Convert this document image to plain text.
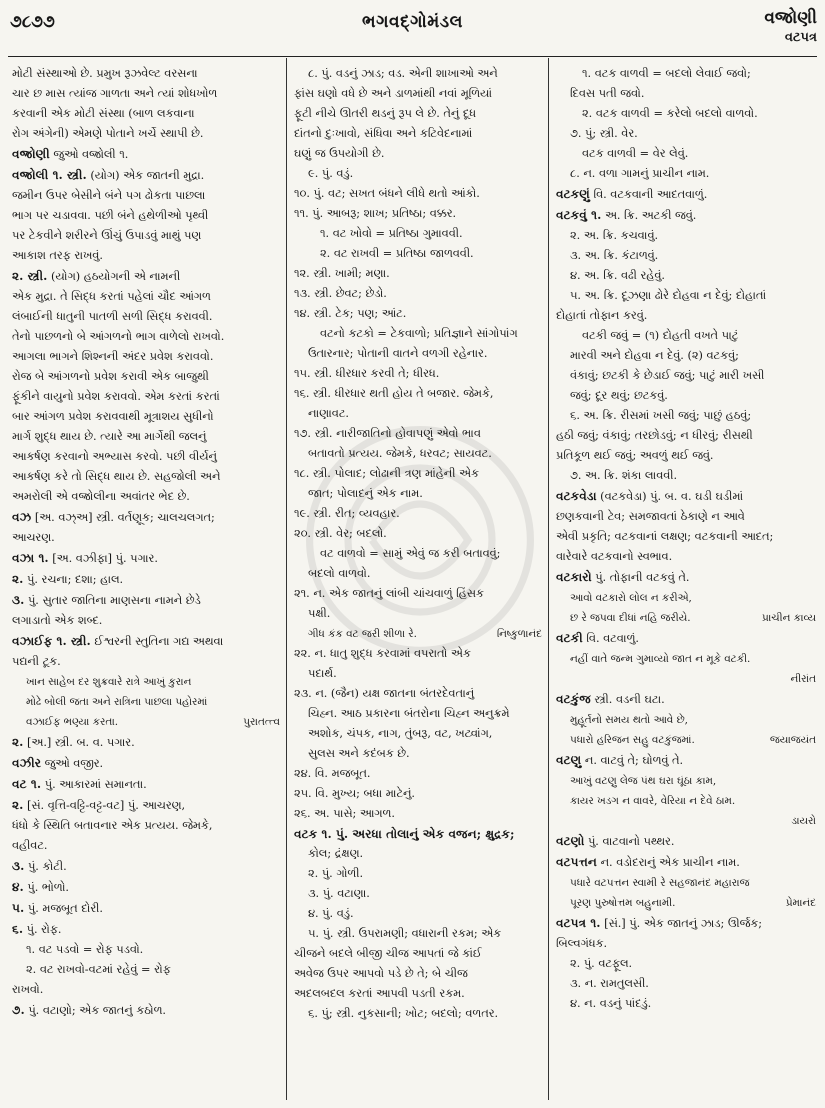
૭૮૭૭	ભગવદ્ગોમંડલ	વજ્રોણી
વટપત્ર

મોટી સંસ્થાઓ છે. પ્રમુખ રૂઝવેલ્ટ વરસના

ચાર છ માસ ત્યાંજ ગાળતા અને ત્યાં શોધખોળ

કરવાની એક મોટી સંસ્થા (બાળ લકવાના

રોગ અંગેની) એમણે પોતાને ખર્ચે સ્થાપી છે.

વજ્રોણી જુઓ વજ્રોલી ૧.

વજ્રોલી ૧. સ્ત્રી. (યોગ) એક જાતની મુદ્રા.

જમીન ઉપર બેસીને બંને પગ ઢોકતા પાછલા

ભાગ પર ચડાવવા. પછી બંને હથેળીઓ પૃથ્વી

પર ટેકવીને શરીરને ઊંચું ઉપાડવું માથું પણ

આકાશ તરફ રાખવું.

૨. સ્ત્રી. (યોગ) હઠયોગની એ નામની

એક મુદ્રા. તે સિદ્ધ કરતાં પહેલાં ચૌદ આંગળ

લંબાઈની ધાતુની પાતળી સળી સિદ્ધ કરાવવી.

તેનો પાછળનો બે આંગળનો ભાગ વાળેલો રાખવો.

આગલા ભાગને શિશ્નની અંદર પ્રવેશ કરાવવો.

રોજ બે આંગળનો પ્રવેશ કરાવી એક બાજુથી

ફૂંકીને વાયુનો પ્રવેશ કરાવવો. એમ કરતાં કરતાં

બાર આંગળ પ્રવેશ કરાવવાથી મૂત્રાશય સુધીનો

માર્ગ શુદ્ધ થાય છે. ત્યારે આ માર્ગેથી જલનું

આકર્ષણ કરવાનો અભ્યાસ કરવો. પછી વીર્યનું

આકર્ષણ કરે તો સિદ્ધ થાય છે. સહજોલી અને

અમરોલી એ વજ્રોલીના અવાંતર ભેદ છે.

વઝ [અ. વઝ્અ] સ્ત્રી. વર્તણૂક; ચાલચલગત;

આચરણ.

વઝા ૧. [અ. વઝીફા] પું. પગાર.

૨. પું. રચના; દશા; હાલ.

૩. પું. સુતાર જાતિના માણસના નામને છેડે

લગાડાતો એક શબ્દ.

વઝાઈફ ૧. સ્ત્રી. ઈશ્વરની સ્તુતિના ગદ્ય અથવા

પદ્યની ટૂક.

ખાન સાહેબ દર શુક્રવારે રાત્રે આખું કુરાન

મોઢે બોલી જતા અને રાત્રિના પાછલા પહોરમાં

વઝાઈફ ભણ્યા કરતા.	પુરાતત્ત્વ

૨. [અ.] સ્ત્રી. બ. વ. પગાર.

વઝીર જુઓ વજીર.

વટ ૧. પું. આકારમાં સમાનતા.

૨. [સં. વૃત્તિ-વટ્ટિ-વટ્ટ-વટ] પું. આચરણ,

ધંધો કે સ્થિતિ બતાવનાર એક પ્રત્યય. જેમકે,

વહીવટ.

૩. પું. કોટી.

૪. પું. ભોળો.

૫. પું. મજબૂત દોરી.

૬. પું. રોફ.

૧. વટ પડવો = રોફ પડવો.

૨. વટ રાખવો-વટમાં રહેવું = રોફ

રાખવો.

૭. પું. વટાણો; એક જાતનું કઠોળ.

૮. પું. વડનું ઝાડ; વડ. એની શાખાઓ અને

ફાંસ ઘણો વધે છે અને ડાળમાંથી નવાં મૂળિયાં

ફૂટી નીચે ઊતરી થડનું રૂપ લે છે. તેનું દૂધ

દાંતનો દુઃખાવો, સંધિવા અને કટિવેદનામાં

ઘણું જ ઉપયોગી છે.

૯. પું. વડું.

૧૦. પું. વટ; સખત બંધને લીધે થતો આંકો.

૧૧. પું. આબરૂ; શાખ; પ્રતિષ્ઠા; વક્કર.

૧. વટ ખોવો = પ્રતિષ્ઠા ગુમાવવી.

૨. વટ રાખવી = પ્રતિષ્ઠા જાળવવી.

૧૨. સ્ત્રી. ખામી; મણા.

૧૩. સ્ત્રી. છેવટ; છેડો.

૧૪. સ્ત્રી. ટેક; પણ; આંટ.

વટનો કટકો = ટેકવાળો; પ્રતિજ્ઞાને સાંગોપાંગ

ઉતારનાર; પોતાની વાતને વળગી રહેનાર.

૧૫. સ્ત્રી. ધીરધાર કરવી તે; ધીરધ.

૧૬. સ્ત્રી. ધીરધાર થતી હોય તે બજાર. જેમકે,

નાણાવટ.

૧૭. સ્ત્રી. નારીજાતિનો હોવાપણું એવો ભાવ

બતાવતો પ્રત્યય. જેમકે, ધરવટ; સાયવટ.

૧૮. સ્ત્રી. પોલાદ; લોઢાની ત્રણ માંહેની એક

જાત; પોલાદનું એક નામ.

૧૯. સ્ત્રી. રીત; વ્યવહાર.

૨૦. સ્ત્રી. વેર; બદલો.

વટ વાળવો = સામું એવું જ કરી બતાવવું;

બદલો વાળવો.

૨૧. ન. એક જાતનું લાંબી ચાંચવાળું હિંસક

પક્ષી.

ગીધ કંક વટ જરી શીળા રે.	નિષ્કુળાનંદ

૨૨. ન. ધાતુ શુદ્ધ કરવામાં વપરાતો એક

પદાર્થ.

૨૩. ન. (જૈન) યક્ષ જાતના બંતરદેવતાનું

ચિહ્ન. આઠ પ્રકારના બંતરોના ચિહ્ન અનુક્રમે

અશોક, ચંપક, નાગ, તુંબરૂ, વટ, ખટ્વાંગ,

સુલસ અને કદંબક છે.

૨૪. વિ. મજબૂત.

૨૫. વિ. મુખ્ય; બધા માટેનું.

૨૬. અ. પાસે; આગળ.

વટક ૧. પું. અરધા તોલાનું એક વજન; ક્ષુદ્રક;

કોલ; દ્રંક્ષણ.

૨. પું. ગોળી.

૩. પું. વટાણા.

૪. પું. વડું.

૫. પું. સ્ત્રી. ઉપરામણી; વધારાની રકમ; એક

ચીજને બદલે બીજી ચીજ આપતાં જે કાંઈ

અવેજ ઉપર આપવો પડે છે તે; બે ચીજ

અદલબદલ કરતાં આપવી પડતી રકમ.

૬. પું; સ્ત્રી. નુકસાની; ખોટ; બદલો; વળતર.

૧. વટક વાળવી = બદલો લેવાઈ જવો;

દિવસ પતી જવો.

૨. વટક વાળવી = કરેલો બદલો વાળવો.

૭. પું; સ્ત્રી. વેર.

વટક વાળવી = વેર લેવું.

૮. ન. વળા ગામનું પ્રાચીન નામ.

વટકણું વિ. વટકવાની આદતવાળું.

વટકવું ૧. અ. ક્રિ. અટકી જવું.

૨. અ. ક્રિ. કચવાવું.

૩. અ. ક્રિ. કંટાળવું.

૪. અ. ક્રિ. વઢી રહેવું.

૫. અ. ક્રિ. દૂઝણા ઢોરે દોહવા ન દેવું; દોહાતાં

દોહાતાં તોફાન કરવું.

વટકી જવું = (૧) દોહતી વખતે પાટું

મારવી અને દોહવા ન દેવું. (૨) વટકવું;

વંકાવું; છટકી કે છેડાઈ જવું; પાટું મારી ખસી

જવું; દૂર થવું; છટકવું.

૬. અ. ક્રિ. રીસમાં ખસી જવું; પાછું હઠવું;

હઠી જવું; વંકાવું; તરછોડવું; ન ધીરવું; રીસથી

પ્રતિકૂળ થઈ જવું; અવળું થઈ જવું.

૭. અ. ક્રિ. શંકા લાવવી.

વટકવેડા (વટકવેડા) પું. બ. વ. ઘડી ઘડીમાં

છણકવાની ટેવ; સમજાવતાં ઠેકાણે ન આવે

એવી પ્રકૃતિ; વટકવાનાં લક્ષણ; વટકવાની આદત;

વારેવારે વટકવાનો સ્વભાવ.

વટકારો પું. તોફાની વટકવું તે.

આવો વટકારો લોલ ન કરીએ,

છ રે જપવા દીધાં નહિ જરીયે.	પ્રાચીન કાવ્ય

વટકી વિ. વટવાળું.

નહીં વાતે જન્મ ગુમાવ્યો જાત ન મૂકે વટકી.

નીરાંત

વટકુંજ સ્ત્રી. વડની ઘટા.

મુહૂર્તનો સમય થતો આવે છે,

પધારો હરિજન સહુ વટકુંજમાં.	જયાજયંત

વટણુ ન. વાટવું તે; ઘોળવું તે.

આખું વટણુ લેજ પંથ ઘરા ઘૂંઠા કામ,

કાયર ખડગ ન વાવરે, વેરિયા ન દેવે ઠામ.

ડાયરો

વટણો પું. વાટવાનો પથ્થર.

વટપત્તન ન. વડોદરાનું એક પ્રાચીન નામ.

પધારે વટપત્તન સ્વામી રે સહજાનંદ મહારાજ

પૂરણ પુરુષોત્તમ બહુનામી.	પ્રેમાનંદ

વટપત્ર ૧. [સં.] પું. એક જાતનું ઝાડ; ઊર્જક;

બિલ્વગંધક.

૨. પું. વટફૂલ.

૩. ન. રામતુલસી.

૪. ન. વડનું પાંદડું.
